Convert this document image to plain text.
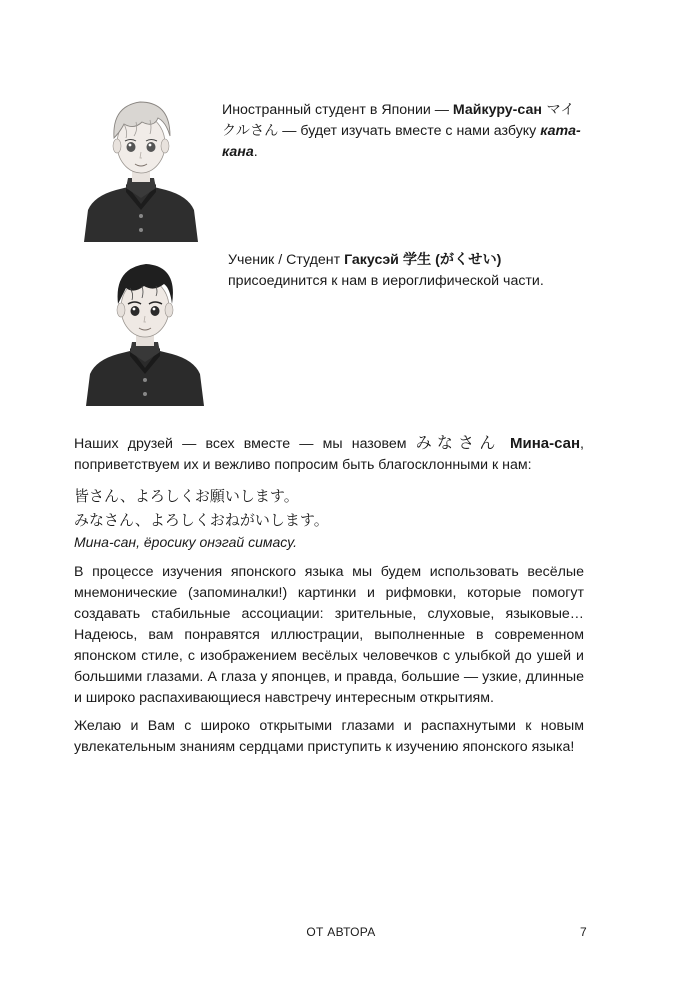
Иностранный студент в Японии — Майкуру-сан マイクルさん — будет изучать вместе с нами азбуку ката-кана.

Ученик / Студент Гакусэй 学生 (がくせい) присоединится к нам в иероглифической части.

Наших друзей — всех вместе — мы назовем みなさん Мина-сан, поприветствуем их и вежливо попросим быть благосклонными к нам:

皆さん、よろしくお願いします。

みなさん、よろしくおねがいします。

Мина-сан, ёросику онэгай симасу.

В процессе изучения японского языка мы будем использовать весёлые мнемонические (запоминалки!) картинки и рифмовки, которые помогут создавать стабильные ассоциации: зрительные, слуховые, языковые… Надеюсь, вам понравятся иллюстрации, выполненные в современном японском стиле, с изображением весёлых человечков с улыбкой до ушей и большими глазами. А глаза у японцев, и правда, большие — узкие, длинные и широко распахивающиеся навстречу интересным открытиям.

Желаю и Вам с широко открытыми глазами и распахнутыми к новым увлекательным знаниям сердцами приступить к изучению японского языка!

ОТ АВТОРА	7
